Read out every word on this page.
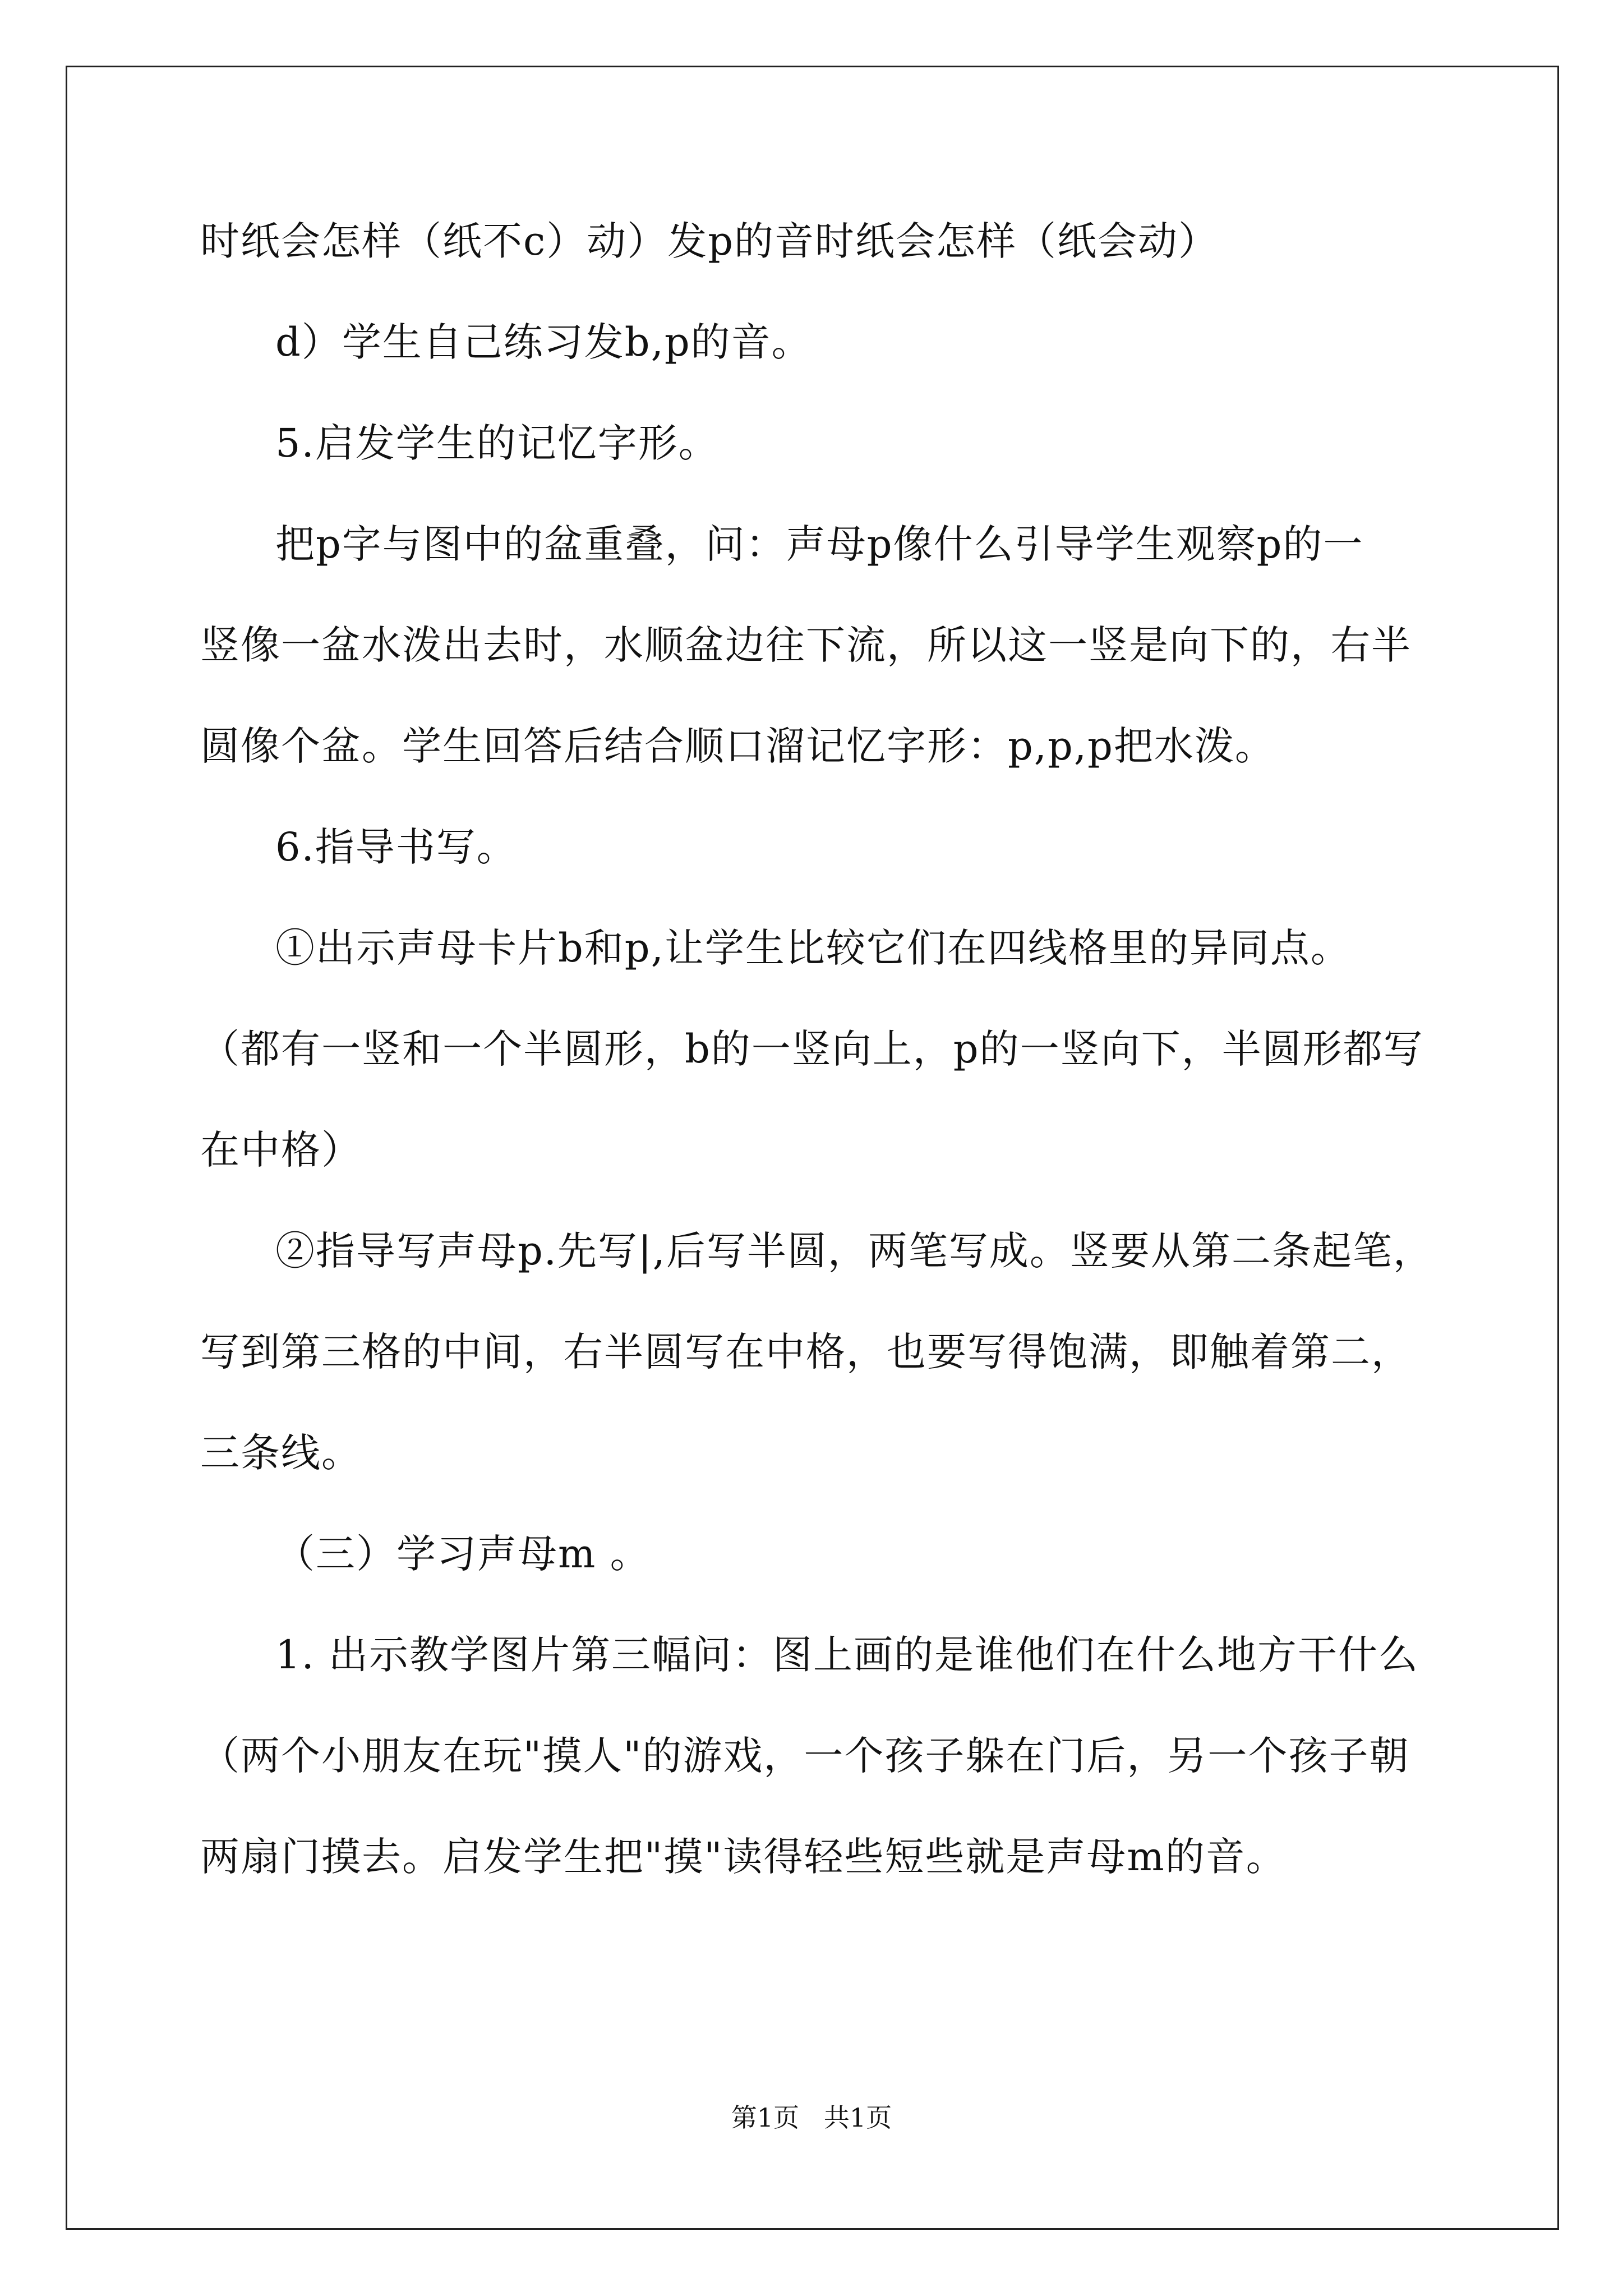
时纸会怎样（纸不c）动）发p的音时纸会怎样（纸会动）
d）学生自己练习发b,p的音。
5.启发学生的记忆字形。
把p字与图中的盆重叠，问：声母p像什么引导学生观察p的一
竖像一盆水泼出去时，水顺盆边往下流，所以这一竖是向下的，右半
圆像个盆。学生回答后结合顺口溜记忆字形：p,p,p把水泼。
6.指导书写。
①出示声母卡片b和p,让学生比较它们在四线格里的异同点。
（都有一竖和一个半圆形，b的一竖向上，p的一竖向下，半圆形都写
在中格）
②指导写声母p.先写|,后写半圆，两笔写成。竖要从第二条起笔，
写到第三格的中间，右半圆写在中格，也要写得饱满，即触着第二，
三条线。
（三）学习声母m 。
1. 出示教学图片第三幅问：图上画的是谁他们在什么地方干什么
（两个小朋友在玩"摸人"的游戏，一个孩子躲在门后，另一个孩子朝
两扇门摸去。启发学生把"摸"读得轻些短些就是声母m的音。
第1页   共1页
